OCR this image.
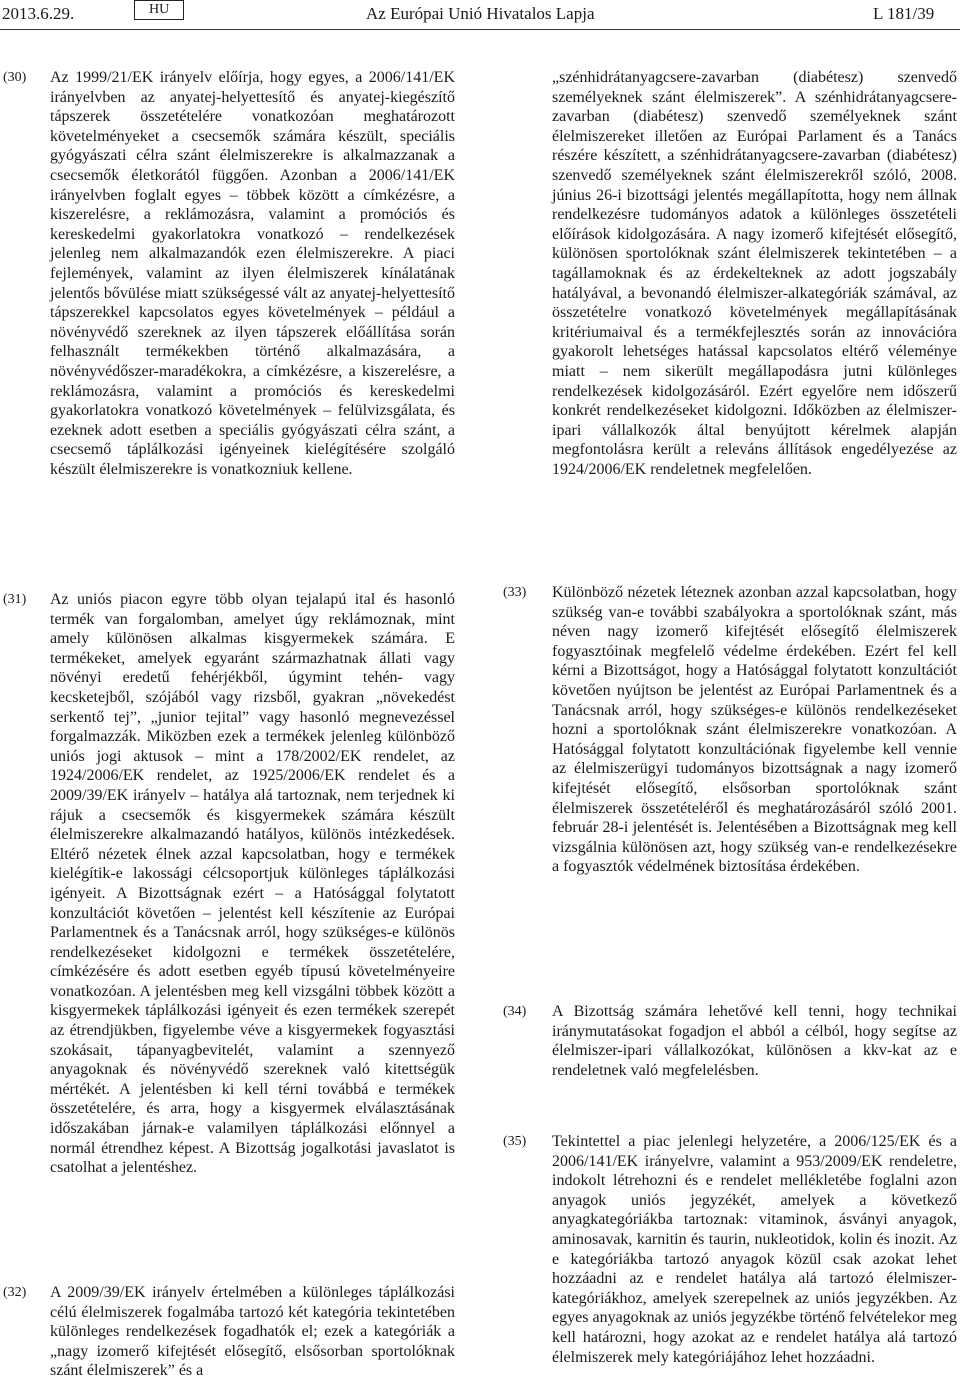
2013.6.29.	HU	Az Európai Unió Hivatalos Lapja	L 181/39
(30) Az 1999/21/EK irányelv előírja, hogy egyes, a 2006/141/EK irányelvben az anyatej-helyettesítő és anyatej-kiegészítő tápszerek összetételére vonatkozóan meghatározott követelményeket a csecsemők számára készült, speciális gyógyászati célra szánt élelmiszerekre is alkalmazzanak a csecsemők életkorától függően. Azonban a 2006/141/EK irányelvben foglalt egyes – többek között a címkézésre, a kiszerelésre, a reklámozásra, valamint a promóciós és kereskedelmi gyakorlatokra vonatkozó – rendelkezések jelenleg nem alkalmazandók ezen élelmiszerekre. A piaci fejlemények, valamint az ilyen élelmiszerek kínálatának jelentős bővülése miatt szükségessé vált az anyatej-helyettesítő tápszerekkel kapcsolatos egyes követelmények – például a növényvédő szereknek az ilyen tápszerek előállítása során felhasznált termékekben történő alkalmazására, a növényvédőszer-maradékokra, a címkézésre, a kiszerelésre, a reklámozásra, valamint a promóciós és kereskedelmi gyakorlatokra vonatkozó követelmények – felülvizsgálata, és ezeknek adott esetben a speciális gyógyászati célra szánt, a csecsemő táplálkozási igényeinek kielégítésére szolgáló készült élelmiszerekre is vonatkozniuk kellene.
„szénhidrátanyagcsere-zavarban (diabétesz) szenvedő személyeknek szánt élelmiszerek”. A szénhidrátanyagcsere-zavarban (diabétesz) szenvedő személyeknek szánt élelmiszereket illetően az Európai Parlament és a Tanács részére készített, a szénhidrátanyagcsere-zavarban (diabétesz) szenvedő személyeknek szánt élelmiszerekről szóló, 2008. június 26-i bizottsági jelentés megállapította, hogy nem állnak rendelkezésre tudományos adatok a különleges összetételi előírások kidolgozására. A nagy izomerő kifejtését elősegítő, különösen sportolóknak szánt élelmiszerek tekintetében – a tagállamoknak és az érdekelteknek az adott jogszabály hatályával, a bevonandó élelmiszer-alkategóriák számával, az összetételre vonatkozó követelmények megállapításának kritériumaival és a termékfejlesztés során az innovációra gyakorolt lehetséges hatással kapcsolatos eltérő véleménye miatt – nem sikerült megállapodásra jutni különleges rendelkezések kidolgozásáról. Ezért egyelőre nem időszerű konkrét rendelkezéseket kidolgozni. Időközben az élelmiszer-ipari vállalkozók által benyújtott kérelmek alapján megfontolásra került a releváns állítások engedélyezése az 1924/2006/EK rendeletnek megfelelően.
(31) Az uniós piacon egyre több olyan tejalapú ital és hasonló termék van forgalomban, amelyet úgy reklámoznak, mint amely különösen alkalmas kisgyermekek számára. E termékeket, amelyek egyaránt származhatnak állati vagy növényi eredetű fehérjékből, úgymint tehén- vagy kecsketejből, szójából vagy rizsből, gyakran „növekedést serkentő tej”, „junior tejital” vagy hasonló megnevezéssel forgalmazzák. Miközben ezek a termékek jelenleg különböző uniós jogi aktusok – mint a 178/2002/EK rendelet, az 1924/2006/EK rendelet, az 1925/2006/EK rendelet és a 2009/39/EK irányelv – hatálya alá tartoznak, nem terjednek ki rájuk a csecsemők és kisgyermekek számára készült élelmiszerekre alkalmazandó hatályos, különös intézkedések. Eltérő nézetek élnek azzal kapcsolatban, hogy e termékek kielégítik-e lakossági célcsoportjuk különleges táplálkozási igényeit. A Bizottságnak ezért – a Hatósággal folytatott konzultációt követően – jelentést kell készítenie az Európai Parlamentnek és a Tanácsnak arról, hogy szükséges-e különös rendelkezéseket kidolgozni e termékek összetételére, címkézésére és adott esetben egyéb típusú követelményeire vonatkozóan. A jelentésben meg kell vizsgálni többek között a kisgyermekek táplálkozási igényeit és ezen termékek szerepét az étrendjükben, figyelembe véve a kisgyermekek fogyasztási szokásait, tápanyagbevitelét, valamint a szennyező anyagoknak és növényvédő szereknek való kitettségük mértékét. A jelentésben ki kell térni továbbá e termékek összetételére, és arra, hogy a kisgyermek elválasztásának időszakában járnak-e valamilyen táplálkozási előnnyel a normál étrendhez képest. A Bizottság jogalkotási javaslatot is csatolhat a jelentéshez.
(32) A 2009/39/EK irányelv értelmében a különleges táplálkozási célú élelmiszerek fogalmába tartozó két kategória tekintetében különleges rendelkezések fogadhatók el; ezek a kategóriák a „nagy izomerő kifejtését elősegítő, elsősorban sportolóknak szánt élelmiszerek” és a
(33) Különböző nézetek léteznek azonban azzal kapcsolatban, hogy szükség van-e további szabályokra a sportolóknak szánt, más néven nagy izomerő kifejtését elősegítő élelmiszerek fogyasztóinak megfelelő védelme érdekében. Ezért fel kell kérni a Bizottságot, hogy a Hatósággal folytatott konzultációt követően nyújtson be jelentést az Európai Parlamentnek és a Tanácsnak arról, hogy szükséges-e különös rendelkezéseket hozni a sportolóknak szánt élelmiszerekre vonatkozóan. A Hatósággal folytatott konzultációnak figyelembe kell vennie az élelmiszerügyi tudományos bizottságnak a nagy izomerő kifejtését elősegítő, elsősorban sportolóknak szánt élelmiszerek összetételéről és meghatározásáról szóló 2001. február 28-i jelentését is. Jelentésében a Bizottságnak meg kell vizsgálnia különösen azt, hogy szükség van-e rendelkezésekre a fogyasztók védelmének biztosítása érdekében.
(34) A Bizottság számára lehetővé kell tenni, hogy technikai iránymutatásokat fogadjon el abból a célból, hogy segítse az élelmiszer-ipari vállalkozókat, különösen a kkv-kat az e rendeletnek való megfelelésben.
(35) Tekintettel a piac jelenlegi helyzetére, a 2006/125/EK és a 2006/141/EK irányelvre, valamint a 953/2009/EK rendeletre, indokolt létrehozni és e rendelet mellékletébe foglalni azon anyagok uniós jegyzékét, amelyek a következő anyagkategóriákba tartoznak: vitaminok, ásványi anyagok, aminosavak, karnitin és taurin, nukleotidok, kolin és inozit. Az e kategóriákba tartozó anyagok közül csak azokat lehet hozzáadni az e rendelet hatálya alá tartozó élelmiszer-kategóriákhoz, amelyek szerepelnek az uniós jegyzékben. Az egyes anyagoknak az uniós jegyzékbe történő felvételekor meg kell határozni, hogy azokat az e rendelet hatálya alá tartozó élelmiszerek mely kategóriájához lehet hozzáadni.
